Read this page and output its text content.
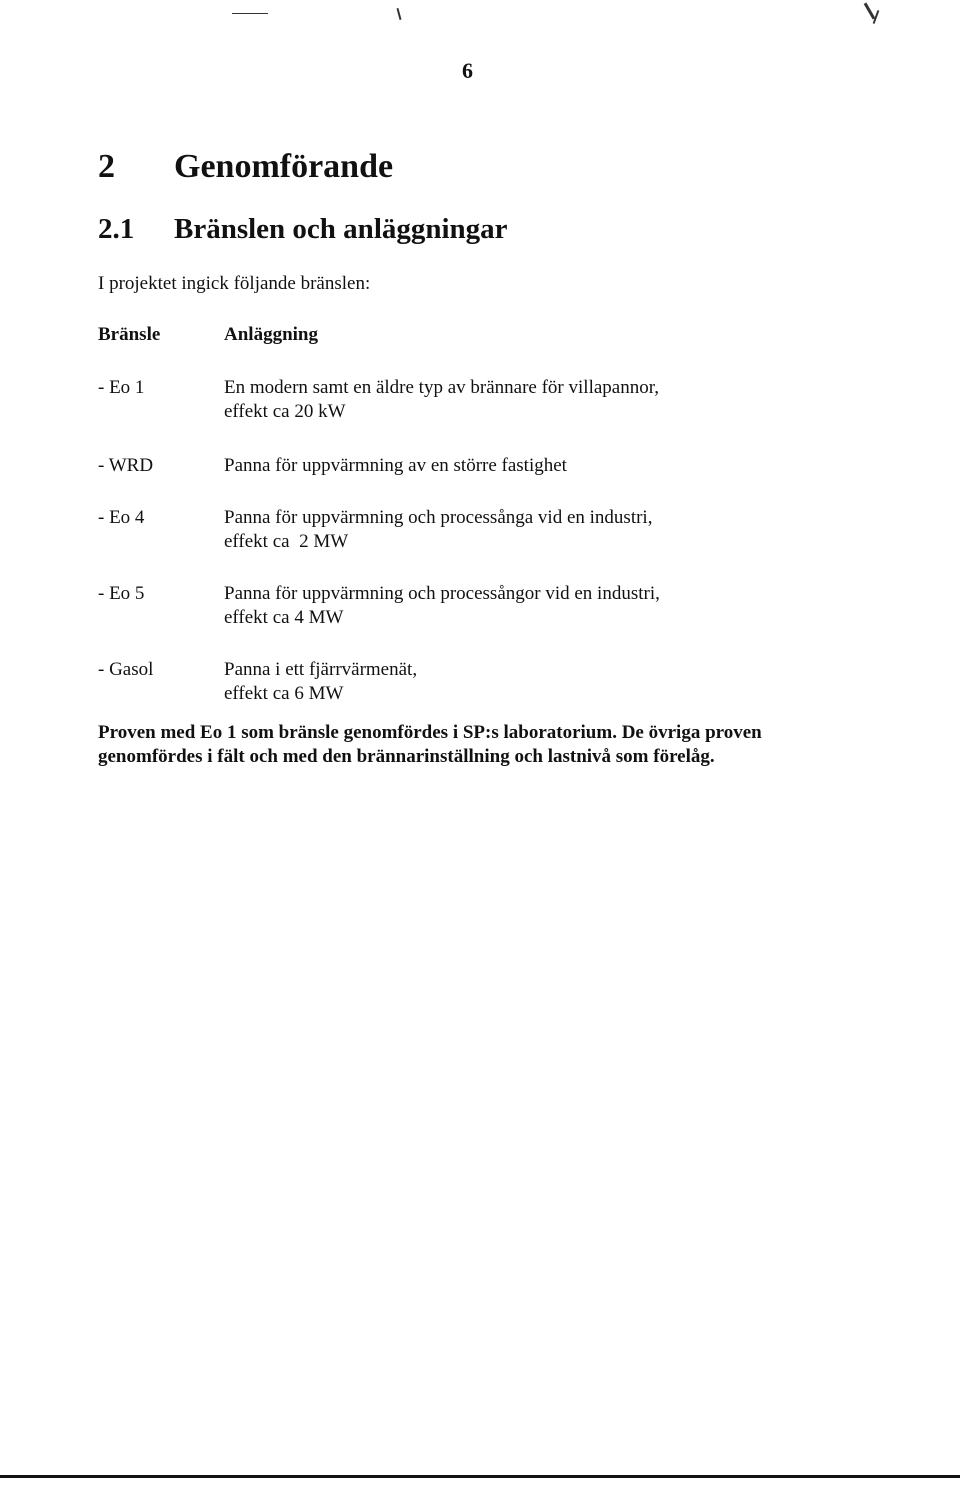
6
2 Genomförande
2.1 Bränslen och anläggningar
I projektet ingick följande bränslen:
Bränsle	Anläggning
- Eo 1	En modern samt en äldre typ av brännare för villapannor,
effekt ca 20 kW
- WRD	Panna för uppvärmning av en större fastighet
- Eo 4	Panna för uppvärmning och processånga vid en industri,
effekt ca  2 MW
- Eo 5	Panna för uppvärmning och processångor vid en industri,
effekt ca 4 MW
- Gasol	Panna i ett fjärrvärmenät,
effekt ca 6 MW
Proven med Eo 1 som bränsle genomfördes i SP:s laboratorium. De övriga proven
genomfördes i fält och med den brännarinställning och lastnivå som förelåg.
